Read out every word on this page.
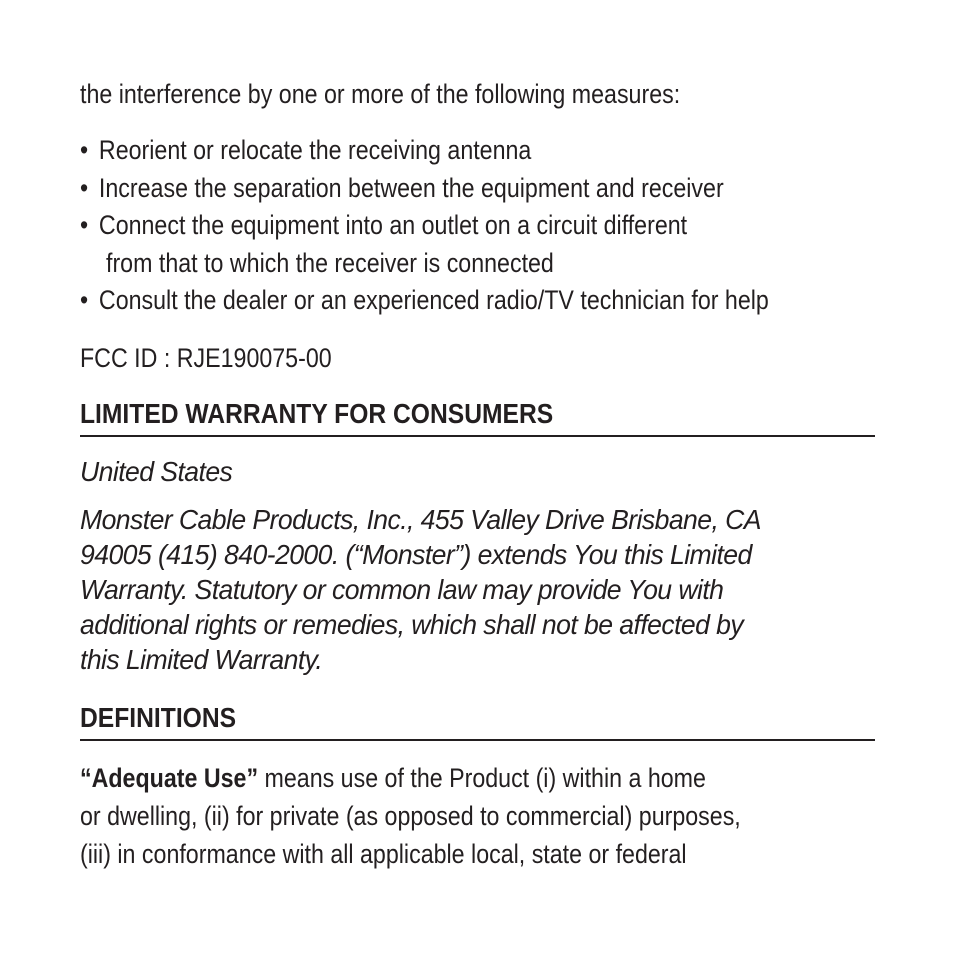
the interference by one or more of the following measures:
• Reorient or relocate the receiving antenna
• Increase the separation between the equipment and receiver
• Connect the equipment into an outlet on a circuit different
from that to which the receiver is connected
• Consult the dealer or an experienced radio/TV technician for help
FCC ID : RJE190075-00
LIMITED WARRANTY FOR CONSUMERS
United States
Monster Cable Products, Inc., 455 Valley Drive Brisbane, CA
94005 (415) 840-2000. (“Monster”) extends You this Limited
Warranty. Statutory or common law may provide You with
additional rights or remedies, which shall not be affected by
this Limited Warranty.
DEFINITIONS
“Adequate Use” means use of the Product (i) within a home
or dwelling, (ii) for private (as opposed to commercial) purposes,
(iii) in conformance with all applicable local, state or federal
